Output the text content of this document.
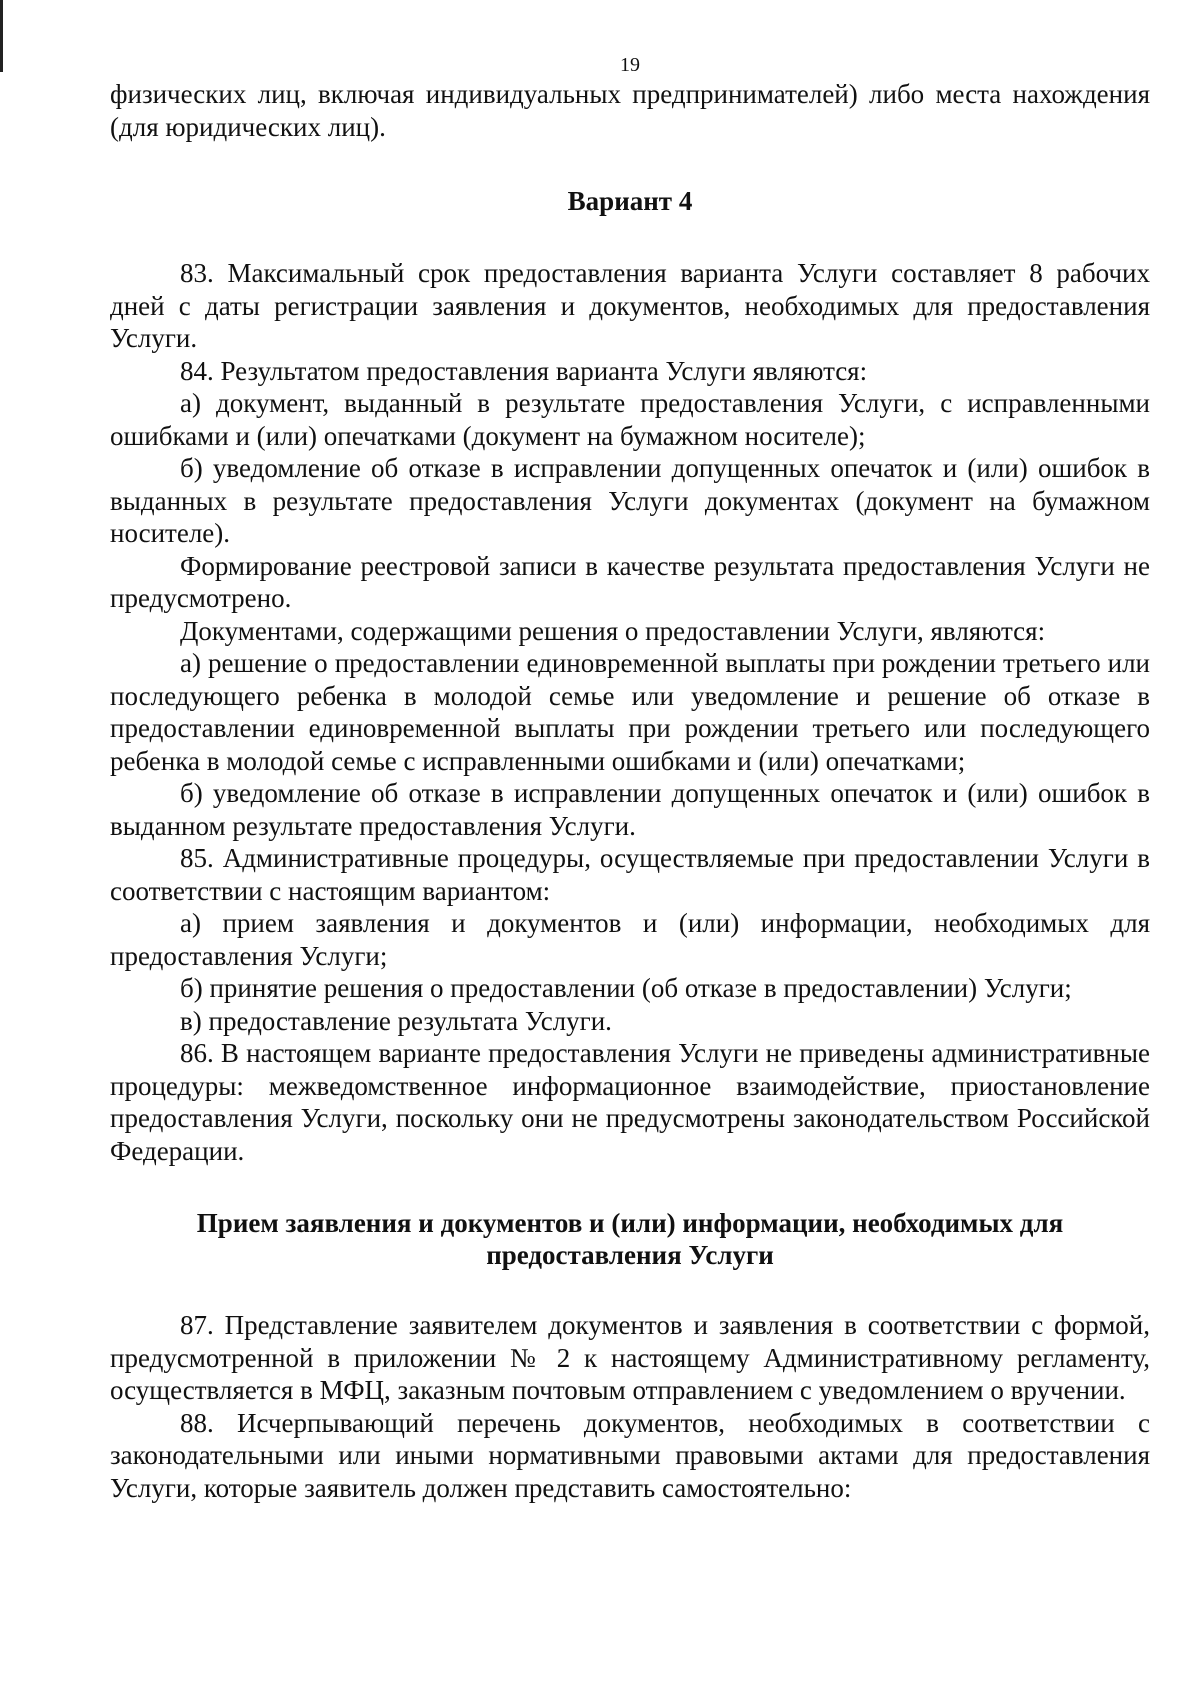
19

физических лиц, включая индивидуальных предпринимателей) либо места нахождения (для юридических лиц).

Вариант 4

83. Максимальный срок предоставления варианта Услуги составляет 8 рабочих дней с даты регистрации заявления и документов, необходимых для предоставления Услуги.

84. Результатом предоставления варианта Услуги являются:

а) документ, выданный в результате предоставления Услуги, с исправленными ошибками и (или) опечатками (документ на бумажном носителе);

б) уведомление об отказе в исправлении допущенных опечаток и (или) ошибок в выданных в результате предоставления Услуги документах (документ на бумажном носителе).

Формирование реестровой записи в качестве результата предоставления Услуги не предусмотрено.

Документами, содержащими решения о предоставлении Услуги, являются:

а) решение о предоставлении единовременной выплаты при рождении третьего или последующего ребенка в молодой семье или уведомление и решение об отказе в предоставлении единовременной выплаты при рождении третьего или последующего ребенка в молодой семье с исправленными ошибками и (или) опечатками;

б) уведомление об отказе в исправлении допущенных опечаток и (или) ошибок в выданном результате предоставления Услуги.

85. Административные процедуры, осуществляемые при предоставлении Услуги в соответствии с настоящим вариантом:

а) прием заявления и документов и (или) информации, необходимых для предоставления Услуги;

б) принятие решения о предоставлении (об отказе в предоставлении) Услуги;

в) предоставление результата Услуги.

86. В настоящем варианте предоставления Услуги не приведены административные процедуры: межведомственное информационное взаимодействие, приостановление предоставления Услуги, поскольку они не предусмотрены законодательством Российской Федерации.

Прием заявления и документов и (или) информации, необходимых для предоставления Услуги

87. Представление заявителем документов и заявления в соответствии с формой, предусмотренной в приложении № 2 к настоящему Административному регламенту, осуществляется в МФЦ, заказным почтовым отправлением с уведомлением о вручении.

88. Исчерпывающий перечень документов, необходимых в соответствии с законодательными или иными нормативными правовыми актами для предоставления Услуги, которые заявитель должен представить самостоятельно:
